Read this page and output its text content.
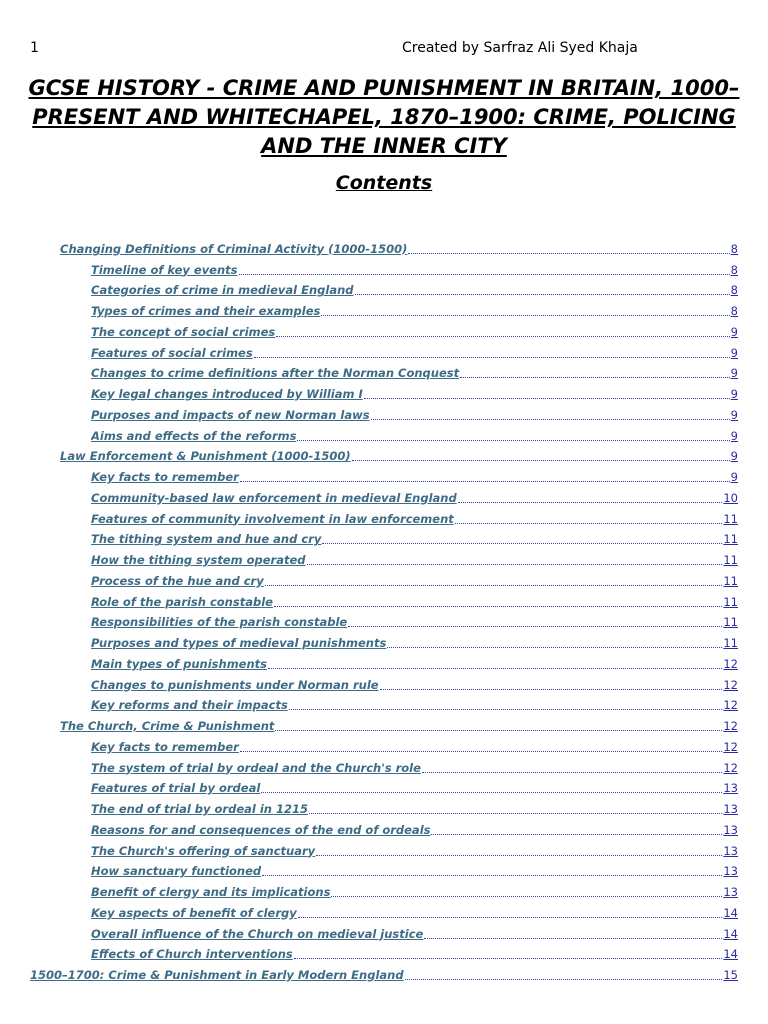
1	Created by Sarfraz Ali Syed Khaja
GCSE HISTORY - CRIME AND PUNISHMENT IN BRITAIN, 1000–PRESENT AND WHITECHAPEL, 1870–1900: CRIME, POLICING AND THE INNER CITY
Contents
Changing Definitions of Criminal Activity (1000-1500)	8
Timeline of key events	8
Categories of crime in medieval England	8
Types of crimes and their examples	8
The concept of social crimes	9
Features of social crimes	9
Changes to crime definitions after the Norman Conquest	9
Key legal changes introduced by William I	9
Purposes and impacts of new Norman laws	9
Aims and effects of the reforms	9
Law Enforcement & Punishment (1000-1500)	9
Key facts to remember	9
Community-based law enforcement in medieval England	10
Features of community involvement in law enforcement	11
The tithing system and hue and cry	11
How the tithing system operated	11
Process of the hue and cry	11
Role of the parish constable	11
Responsibilities of the parish constable	11
Purposes and types of medieval punishments	11
Main types of punishments	12
Changes to punishments under Norman rule	12
Key reforms and their impacts	12
The Church, Crime & Punishment	12
Key facts to remember	12
The system of trial by ordeal and the Church's role	12
Features of trial by ordeal	13
The end of trial by ordeal in 1215	13
Reasons for and consequences of the end of ordeals	13
The Church's offering of sanctuary	13
How sanctuary functioned	13
Benefit of clergy and its implications	13
Key aspects of benefit of clergy	14
Overall influence of the Church on medieval justice	14
Effects of Church interventions	14
1500–1700: Crime & Punishment in Early Modern England	15
